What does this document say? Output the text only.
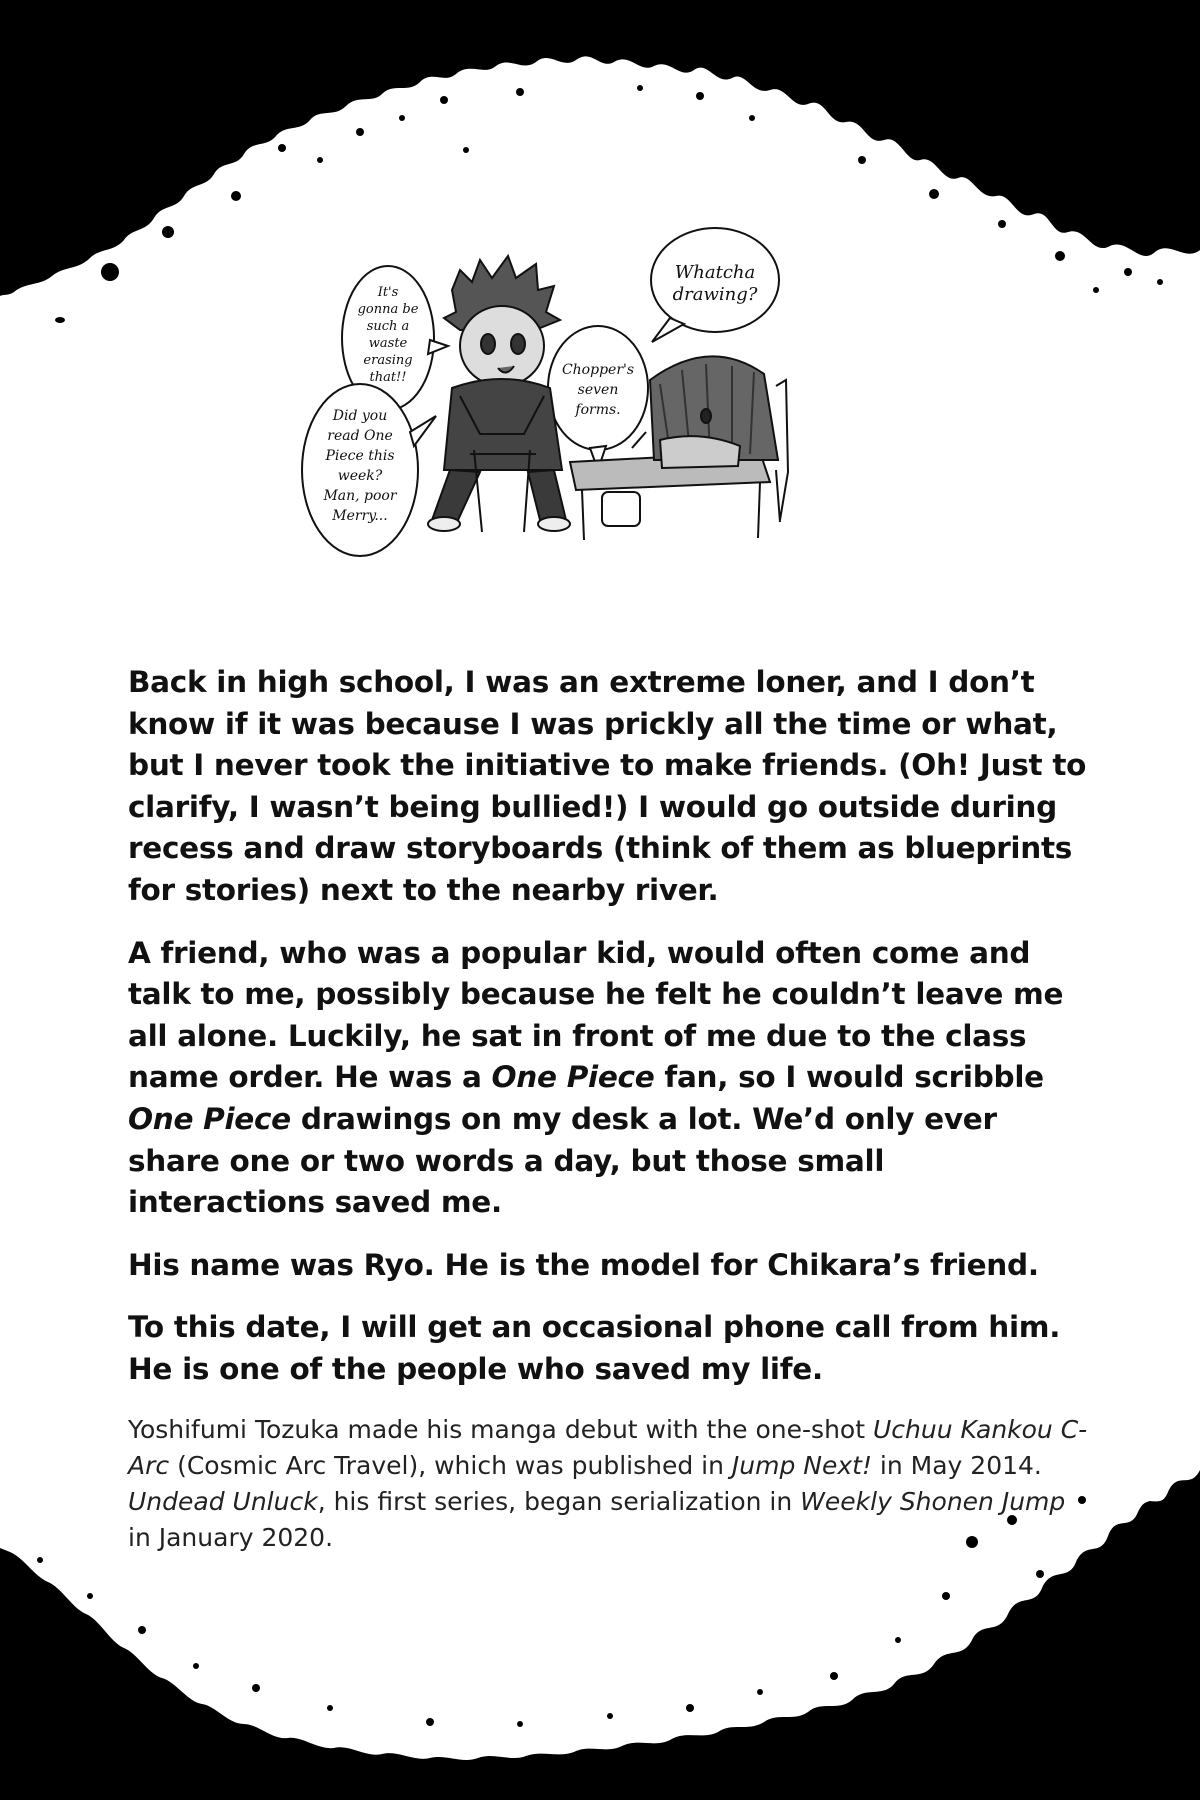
Whatcha
drawing?
It's
gonna be
such a
waste
erasing
that!!
Did you
read One
Piece this
week?
Man, poor
Merry...
Chopper's
seven
forms.

Back in high school, I was an extreme loner, and I don’t know if it was because I was prickly all the time or what, but I never took the initiative to make friends. (Oh! Just to clarify, I wasn’t being bullied!) I would go outside during recess and draw storyboards (think of them as blueprints for stories) next to the nearby river.

A friend, who was a popular kid, would often come and talk to me, possibly because he felt he couldn’t leave me all alone. Luckily, he sat in front of me due to the class name order. He was a One Piece fan, so I would scribble One Piece drawings on my desk a lot. We’d only ever share one or two words a day, but those small interactions saved me.

His name was Ryo. He is the model for Chikara’s friend.

To this date, I will get an occasional phone call from him. He is one of the people who saved my life.

Yoshifumi Tozuka made his manga debut with the one-shot Uchuu Kankou C-Arc (Cosmic Arc Travel), which was published in Jump Next! in May 2014. Undead Unluck, his first series, began serialization in Weekly Shonen Jump in January 2020.
